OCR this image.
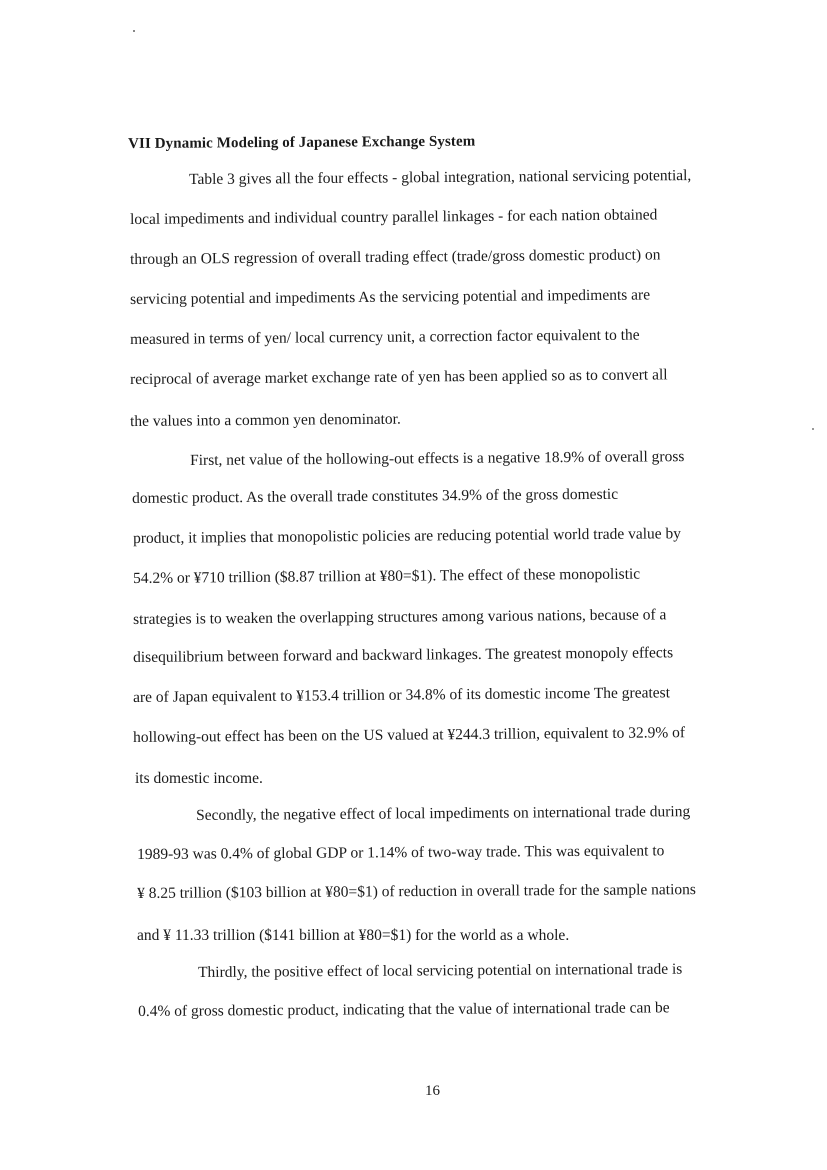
VII Dynamic Modeling of Japanese Exchange System
Table 3 gives all the four effects - global integration, national servicing potential,
local impediments and individual country parallel linkages - for each nation obtained
through an OLS regression of overall trading effect (trade/gross domestic product) on
servicing potential and impediments As the servicing potential and impediments are
measured in terms of yen/ local currency unit, a correction factor equivalent to the
reciprocal of average market exchange rate of yen has been applied so as to convert all
the values into a common yen denominator.
First, net value of the hollowing-out effects is a negative 18.9% of overall gross
domestic product. As the overall trade constitutes 34.9% of the gross domestic
product, it implies that monopolistic policies are reducing potential world trade value by
54.2% or ¥710 trillion ($8.87 trillion at ¥80=$1). The effect of these monopolistic
strategies is to weaken the overlapping structures among various nations, because of a
disequilibrium between forward and backward linkages. The greatest monopoly effects
are of Japan equivalent to ¥153.4 trillion or 34.8% of its domestic income The greatest
hollowing-out effect has been on the US valued at ¥244.3 trillion, equivalent to 32.9% of
its domestic income.
Secondly, the negative effect of local impediments on international trade during
1989-93 was 0.4% of global GDP or 1.14% of two-way trade. This was equivalent to
¥ 8.25 trillion ($103 billion at ¥80=$1) of reduction in overall trade for the sample nations
and ¥ 11.33 trillion ($141 billion at ¥80=$1) for the world as a whole.
Thirdly, the positive effect of local servicing potential on international trade is
0.4% of gross domestic product, indicating that the value of international trade can be
16
